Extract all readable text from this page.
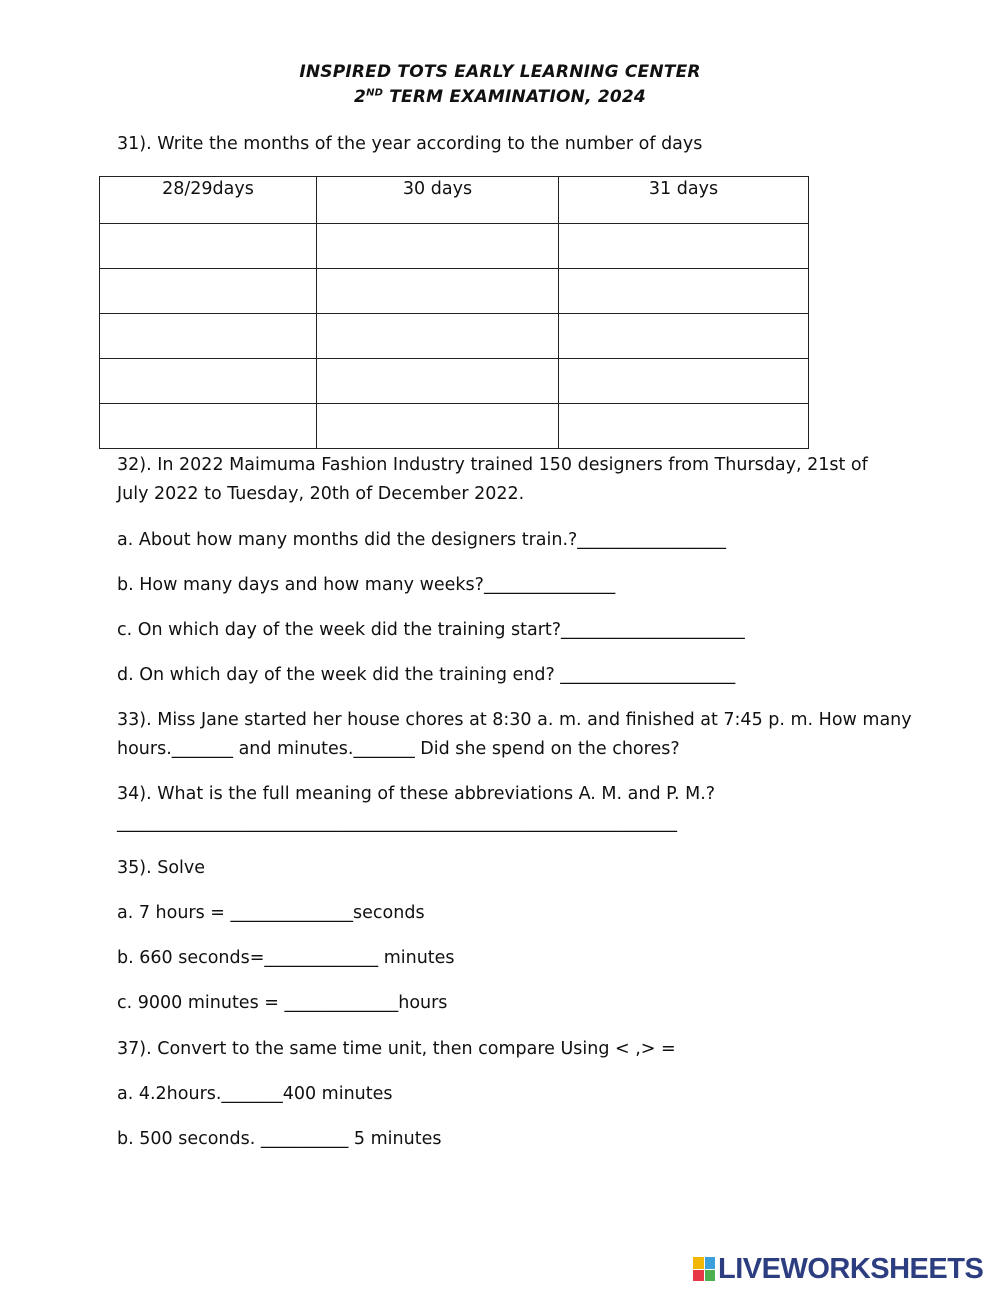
INSPIRED TOTS EARLY LEARNING CENTER
2ND TERM EXAMINATION, 2024
31). Write the months of the year according to the number of days
28/29days	30 days	31 days

32). In 2022 Maimuma Fashion Industry trained 150 designers from Thursday, 21st of
July 2022 to Tuesday, 20th of December 2022.
a. About how many months did the designers train.?_________________
b. How many days and how many weeks?_______________
c. On which day of the week did the training start?_____________________
d. On which day of the week did the training end? ____________________
33). Miss Jane started her house chores at 8:30 a. m. and finished at 7:45 p. m. How many
hours._______ and minutes._______ Did she spend on the chores?
34). What is the full meaning of these abbreviations A. M. and P. M.?
________________________________________________________________
35). Solve
a. 7 hours = ______________seconds
b. 660 seconds=_____________ minutes
c. 9000 minutes = _____________hours
37). Convert to the same time unit, then compare Using < ,> =
a. 4.2hours._______400 minutes
b. 500 seconds. __________ 5 minutes
LIVEWORKSHEETS
